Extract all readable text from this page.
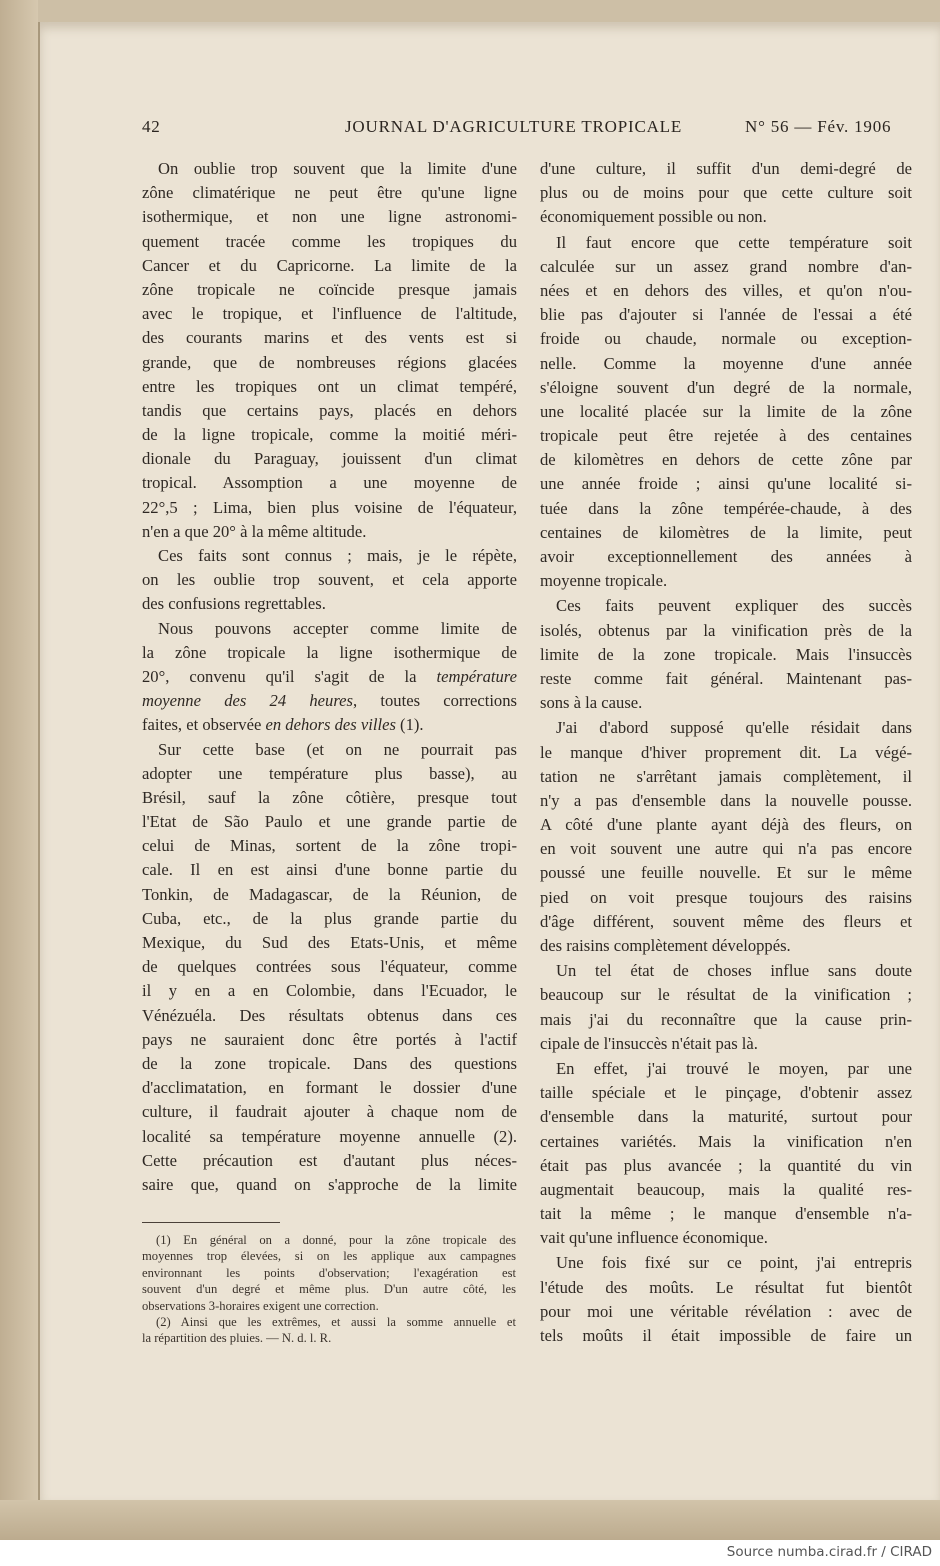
42	JOURNAL D'AGRICULTURE TROPICALE	N° 56 — Fév. 1906
On oublie trop souvent que la limite d'une
zône climatérique ne peut être qu'une ligne
isothermique, et non une ligne astronomi-
quement tracée comme les tropiques du
Cancer et du Capricorne. La limite de la
zône tropicale ne coïncide presque jamais
avec le tropique, et l'influence de l'altitude,
des courants marins et des vents est si
grande, que de nombreuses régions glacées
entre les tropiques ont un climat tempéré,
tandis que certains pays, placés en dehors
de la ligne tropicale, comme la moitié méri-
dionale du Paraguay, jouissent d'un climat
tropical. Assomption a une moyenne de
22°,5 ; Lima, bien plus voisine de l'équateur,
n'en a que 20° à la même altitude.
Ces faits sont connus ; mais, je le répète,
on les oublie trop souvent, et cela apporte
des confusions regrettables.
Nous pouvons accepter comme limite de
la zône tropicale la ligne isothermique de
20°, convenu qu'il s'agit de la température
moyenne des 24 heures, toutes corrections
faites, et observée en dehors des villes (1).
Sur cette base (et on ne pourrait pas
adopter une température plus basse), au
Brésil, sauf la zône côtière, presque tout
l'Etat de São Paulo et une grande partie de
celui de Minas, sortent de la zône tropi-
cale. Il en est ainsi d'une bonne partie du
Tonkin, de Madagascar, de la Réunion, de
Cuba, etc., de la plus grande partie du
Mexique, du Sud des Etats-Unis, et même
de quelques contrées sous l'équateur, comme
il y en a en Colombie, dans l'Ecuador, le
Vénézuéla. Des résultats obtenus dans ces
pays ne sauraient donc être portés à l'actif
de la zone tropicale. Dans des questions
d'acclimatation, en formant le dossier d'une
culture, il faudrait ajouter à chaque nom de
localité sa température moyenne annuelle (2).
Cette précaution est d'autant plus néces-
saire que, quand on s'approche de la limite
d'une culture, il suffit d'un demi-degré de
plus ou de moins pour que cette culture soit
économiquement possible ou non.
Il faut encore que cette température soit
calculée sur un assez grand nombre d'an-
nées et en dehors des villes, et qu'on n'ou-
blie pas d'ajouter si l'année de l'essai a été
froide ou chaude, normale ou exception-
nelle. Comme la moyenne d'une année
s'éloigne souvent d'un degré de la normale,
une localité placée sur la limite de la zône
tropicale peut être rejetée à des centaines
de kilomètres en dehors de cette zône par
une année froide ; ainsi qu'une localité si-
tuée dans la zône tempérée-chaude, à des
centaines de kilomètres de la limite, peut
avoir exceptionnellement des années à
moyenne tropicale.
Ces faits peuvent expliquer des succès
isolés, obtenus par la vinification près de la
limite de la zone tropicale. Mais l'insuccès
reste comme fait général. Maintenant pas-
sons à la cause.
J'ai d'abord supposé qu'elle résidait dans
le manque d'hiver proprement dit. La végé-
tation ne s'arrêtant jamais complètement, il
n'y a pas d'ensemble dans la nouvelle pousse.
A côté d'une plante ayant déjà des fleurs, on
en voit souvent une autre qui n'a pas encore
poussé une feuille nouvelle. Et sur le même
pied on voit presque toujours des raisins
d'âge différent, souvent même des fleurs et
des raisins complètement développés.
Un tel état de choses influe sans doute
beaucoup sur le résultat de la vinification ;
mais j'ai du reconnaître que la cause prin-
cipale de l'insuccès n'était pas là.
En effet, j'ai trouvé le moyen, par une
taille spéciale et le pinçage, d'obtenir assez
d'ensemble dans la maturité, surtout pour
certaines variétés. Mais la vinification n'en
était pas plus avancée ; la quantité du vin
augmentait beaucoup, mais la qualité res-
tait la même ; le manque d'ensemble n'a-
vait qu'une influence économique.
Une fois fixé sur ce point, j'ai entrepris
l'étude des moûts. Le résultat fut bientôt
pour moi une véritable révélation : avec de
tels moûts il était impossible de faire un
(1) En général on a donné, pour la zône tropicale des
moyennes trop élevées, si on les applique aux campagnes
environnant les points d'observation; l'exagération est
souvent d'un degré et même plus. D'un autre côté, les
observations 3-horaires exigent une correction.
(2) Ainsi que les extrêmes, et aussi la somme annuelle et
la répartition des pluies. — N. d. l. R.
Source numba.cirad.fr / CIRAD
